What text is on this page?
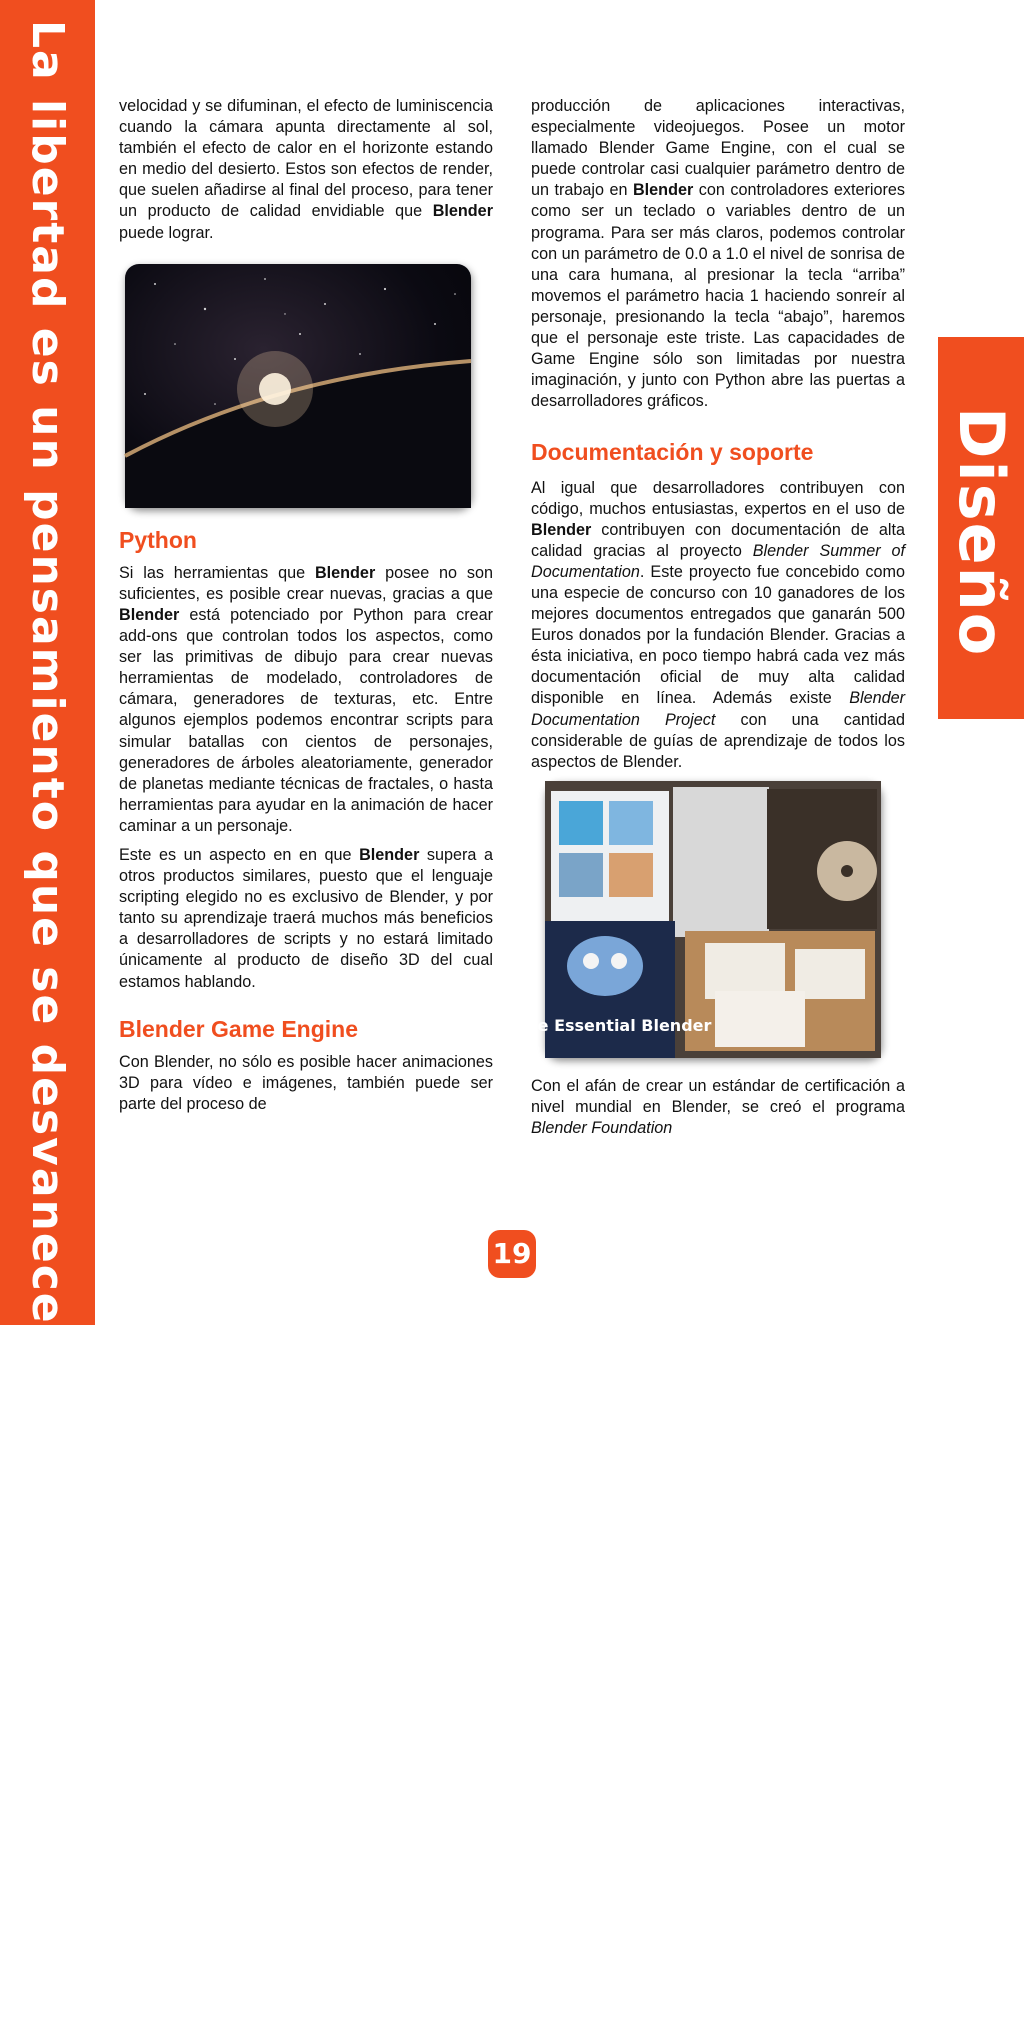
La libertad es un pensamiento que se desvanece en el pozo de la sociedad	Diseño

velocidad y se difuminan, el efecto de luminiscencia cuando la cámara apunta directamente al sol, también el efecto de calor en el horizonte estando en medio del desierto. Estos son efectos de render, que suelen añadirse al final del proceso, para tener un producto de calidad envidiable que Blender puede lograr.

Python

Si las herramientas que Blender posee no son suficientes, es posible crear nuevas, gracias a que Blender está potenciado por Python para crear add-ons que controlan todos los aspectos, como ser las primitivas de dibujo para crear nuevas herramientas de modelado, controladores de cámara, generadores de texturas, etc. Entre algunos ejemplos podemos encontrar scripts para simular batallas con cientos de personajes, generadores de árboles aleatoriamente, generador de planetas mediante técnicas de fractales, o hasta herramientas para ayudar en la animación de hacer caminar a un personaje.

Este es un aspecto en en que Blender supera a otros productos similares, puesto que el lenguaje scripting elegido no es exclusivo de Blender, y por tanto su aprendizaje traerá muchos más beneficios a desarrolladores de scripts y no estará limitado únicamente al producto de diseño 3D del cual estamos hablando.

Blender Game Engine

Con Blender, no sólo es posible hacer animaciones 3D para vídeo e imágenes, también puede ser parte del proceso de

producción de aplicaciones interactivas, especialmente videojuegos. Posee un motor llamado Blender Game Engine, con el cual se puede controlar casi cualquier parámetro dentro de un trabajo en Blender con controladores exteriores como ser un teclado o variables dentro de un programa. Para ser más claros, podemos controlar con un parámetro de 0.0 a 1.0 el nivel de sonrisa de una cara humana, al presionar la tecla “arriba” movemos el parámetro hacia 1 haciendo sonreír al personaje, presionando la tecla “abajo”, haremos que el personaje este triste. Las capacidades de Game Engine sólo son limitadas por nuestra imaginación, y junto con Python abre las puertas a desarrolladores gráficos.

Documentación y soporte

Al igual que desarrolladores contribuyen con código, muchos entusiastas, expertos en el uso de Blender contribuyen con documentación de alta calidad gracias al proyecto Blender Summer of Documentation. Este proyecto fue concebido como una especie de concurso con 10 ganadores de los mejores documentos entregados que ganarán 500 Euros donados por la fundación Blender. Gracias a ésta iniciativa, en poco tiempo habrá cada vez más documentación oficial de muy alta calidad disponible en línea. Además existe Blender Documentation Project con una cantidad considerable de guías de aprendizaje de todos los aspectos de Blender.

the Essential Blender

Con el afán de crear un estándar de certificación a nivel mundial en Blender, se creó el programa Blender Foundation

19
